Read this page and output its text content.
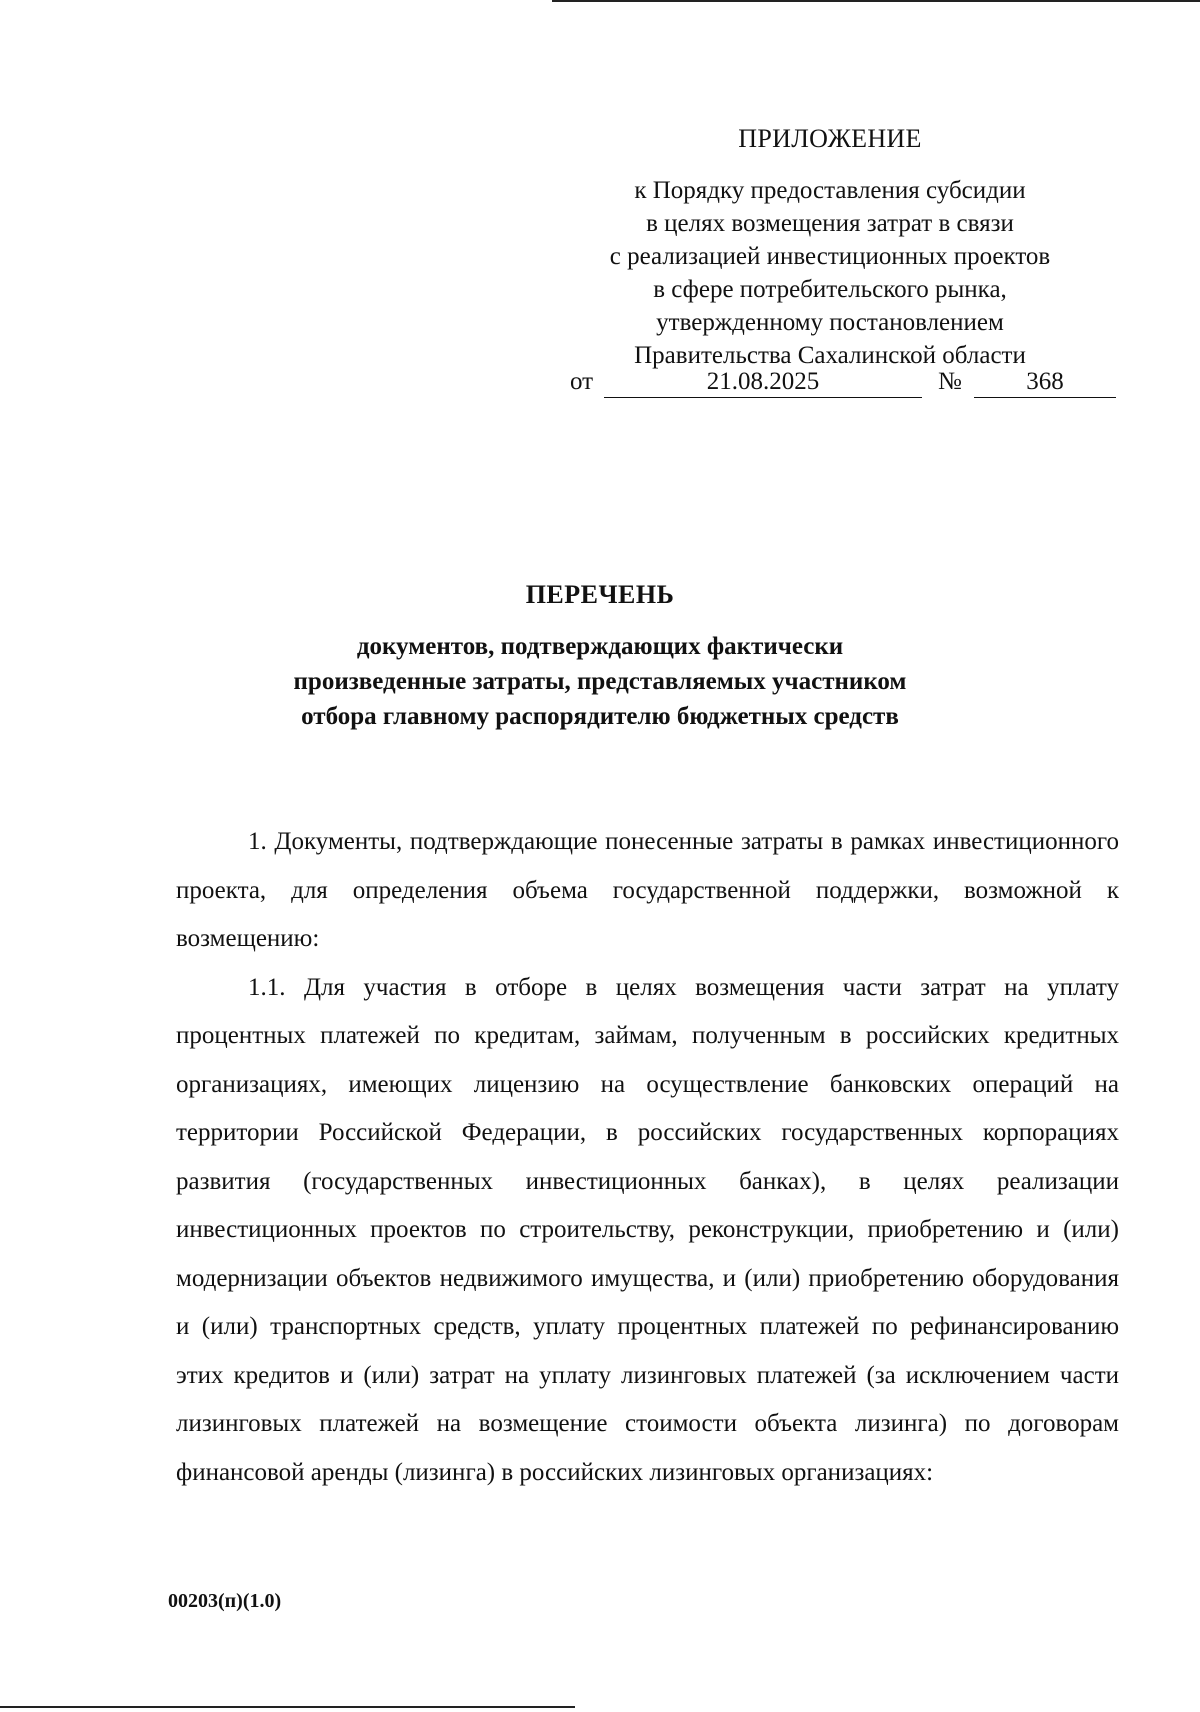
ПРИЛОЖЕНИЕ
к Порядку предоставления субсидии
в целях возмещения затрат в связи
с реализацией инвестиционных проектов
в сфере потребительского рынка,
утвержденному постановлением
Правительства Сахалинской области
от	21.08.2025	№	368
ПЕРЕЧЕНЬ
документов, подтверждающих фактически
произведенные затраты, представляемых участником
отбора главному распорядителю бюджетных средств

1. Документы, подтверждающие понесенные затраты в рамках инвестиционного проекта, для определения объема государственной поддержки, возможной к возмещению:

1.1. Для участия в отборе в целях возмещения части затрат на уплату процентных платежей по кредитам, займам, полученным в российских кредитных организациях, имеющих лицензию на осуществление банковских операций на территории Российской Федерации, в российских государственных корпорациях развития (государственных инвестиционных банках), в целях реализации инвестиционных проектов по строительству, реконструкции, приобретению и (или) модернизации объектов недвижимого имущества, и (или) приобретению оборудования и (или) транспортных средств, уплату процентных платежей по рефинансированию этих кредитов и (или) затрат на уплату лизинговых платежей (за исключением части лизинговых платежей на возмещение стоимости объекта лизинга) по договорам финансовой аренды (лизинга) в российских лизинговых организациях:

00203(п)(1.0)
